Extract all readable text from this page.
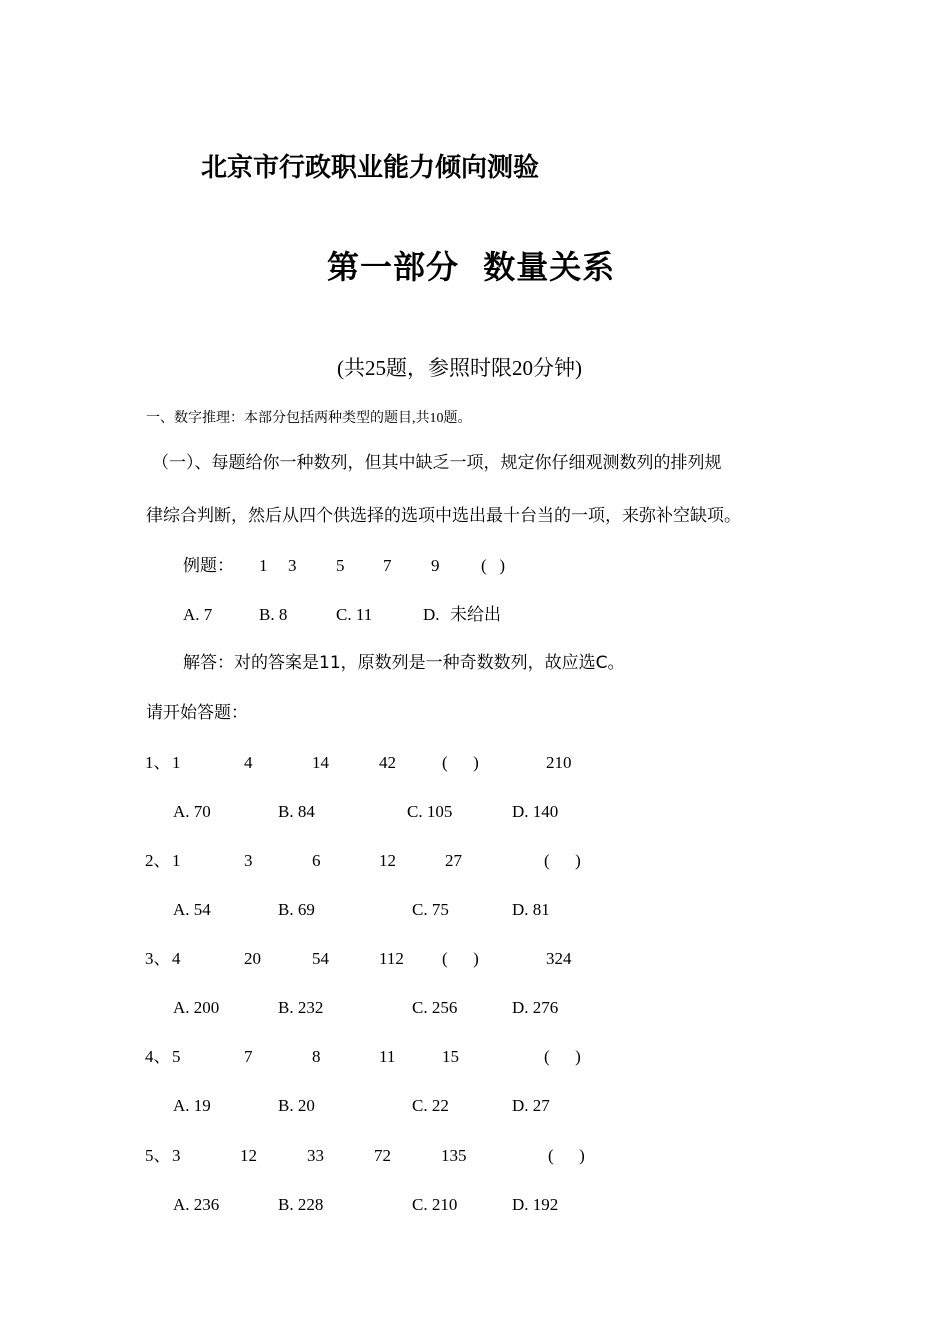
北京市行政职业能力倾向测验
第一部分  数量关系
(共25题，参照时限20分钟)
一、数字推理：本部分包括两种类型的题目,共10题。
（一）、每题给你一种数列，但其中缺乏一项，规定你仔细观测数列的排列规
律综合判断，然后从四个供选择的选项中选出最十台当的一项，来弥补空缺项。
例题： 1 3 5 7 9 (   )
A. 7	B. 8	C. 11	D. 未给出
解答：对的答案是11，原数列是一种奇数数列，故应选C。
请开始答题：
1、 1	4	14	42	(      )	210
A. 70	B. 84	C. 105	D. 140
2、 1	3	6	12	27	(      )
A. 54	B. 69	C. 75	D. 81
3、 4	20	54	112 (      )	324
A. 200	B. 232	C. 256	D. 276
4、 5	7	8	11	15	(      )
A. 19	B. 20	C. 22	D. 27
5、 3	12	33	72	135	(      )
A. 236	B. 228	C. 210	D. 192
